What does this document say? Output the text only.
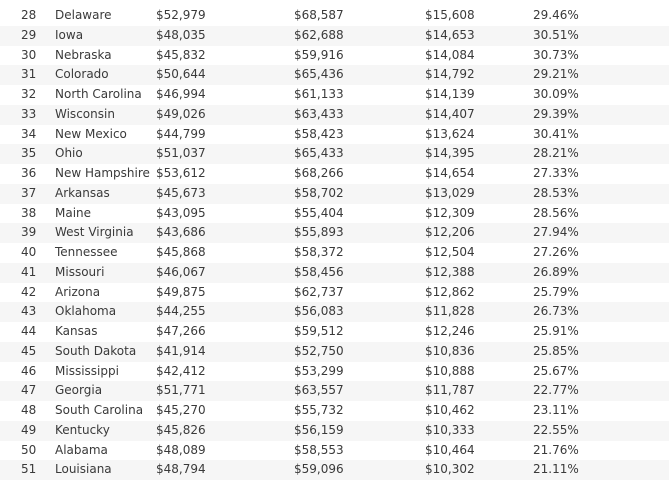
28 Delaware	$52,979	$68,587	$15,608	29.46%
29 Iowa	$48,035	$62,688	$14,653	30.51%
30 Nebraska	$45,832	$59,916	$14,084	30.73%
31 Colorado	$50,644	$65,436	$14,792	29.21%
32 North Carolina $46,994	$61,133	$14,139	30.09%
33 Wisconsin	$49,026	$63,433	$14,407	29.39%
34 New Mexico $44,799	$58,423	$13,624	30.41%
35 Ohio	$51,037	$65,433	$14,395	28.21%
36 New Hampshire $53,612	$68,266	$14,654	27.33%
37 Arkansas	$45,673	$58,702	$13,029	28.53%
38 Maine	$43,095	$55,404	$12,309	28.56%
39 West Virginia $43,686	$55,893	$12,206	27.94%
40 Tennessee	$45,868	$58,372	$12,504	27.26%
41 Missouri	$46,067	$58,456	$12,388	26.89%
42 Arizona	$49,875	$62,737	$12,862	25.79%
43 Oklahoma	$44,255	$56,083	$11,828	26.73%
44 Kansas	$47,266	$59,512	$12,246	25.91%
45 South Dakota $41,914	$52,750	$10,836	25.85%
46 Mississippi	$42,412	$53,299	$10,888	25.67%
47 Georgia	$51,771	$63,557	$11,787	22.77%
48 South Carolina $45,270	$55,732	$10,462	23.11%
49 Kentucky	$45,826	$56,159	$10,333	22.55%
50 Alabama	$48,089	$58,553	$10,464	21.76%
51 Louisiana	$48,794	$59,096	$10,302	21.11%
